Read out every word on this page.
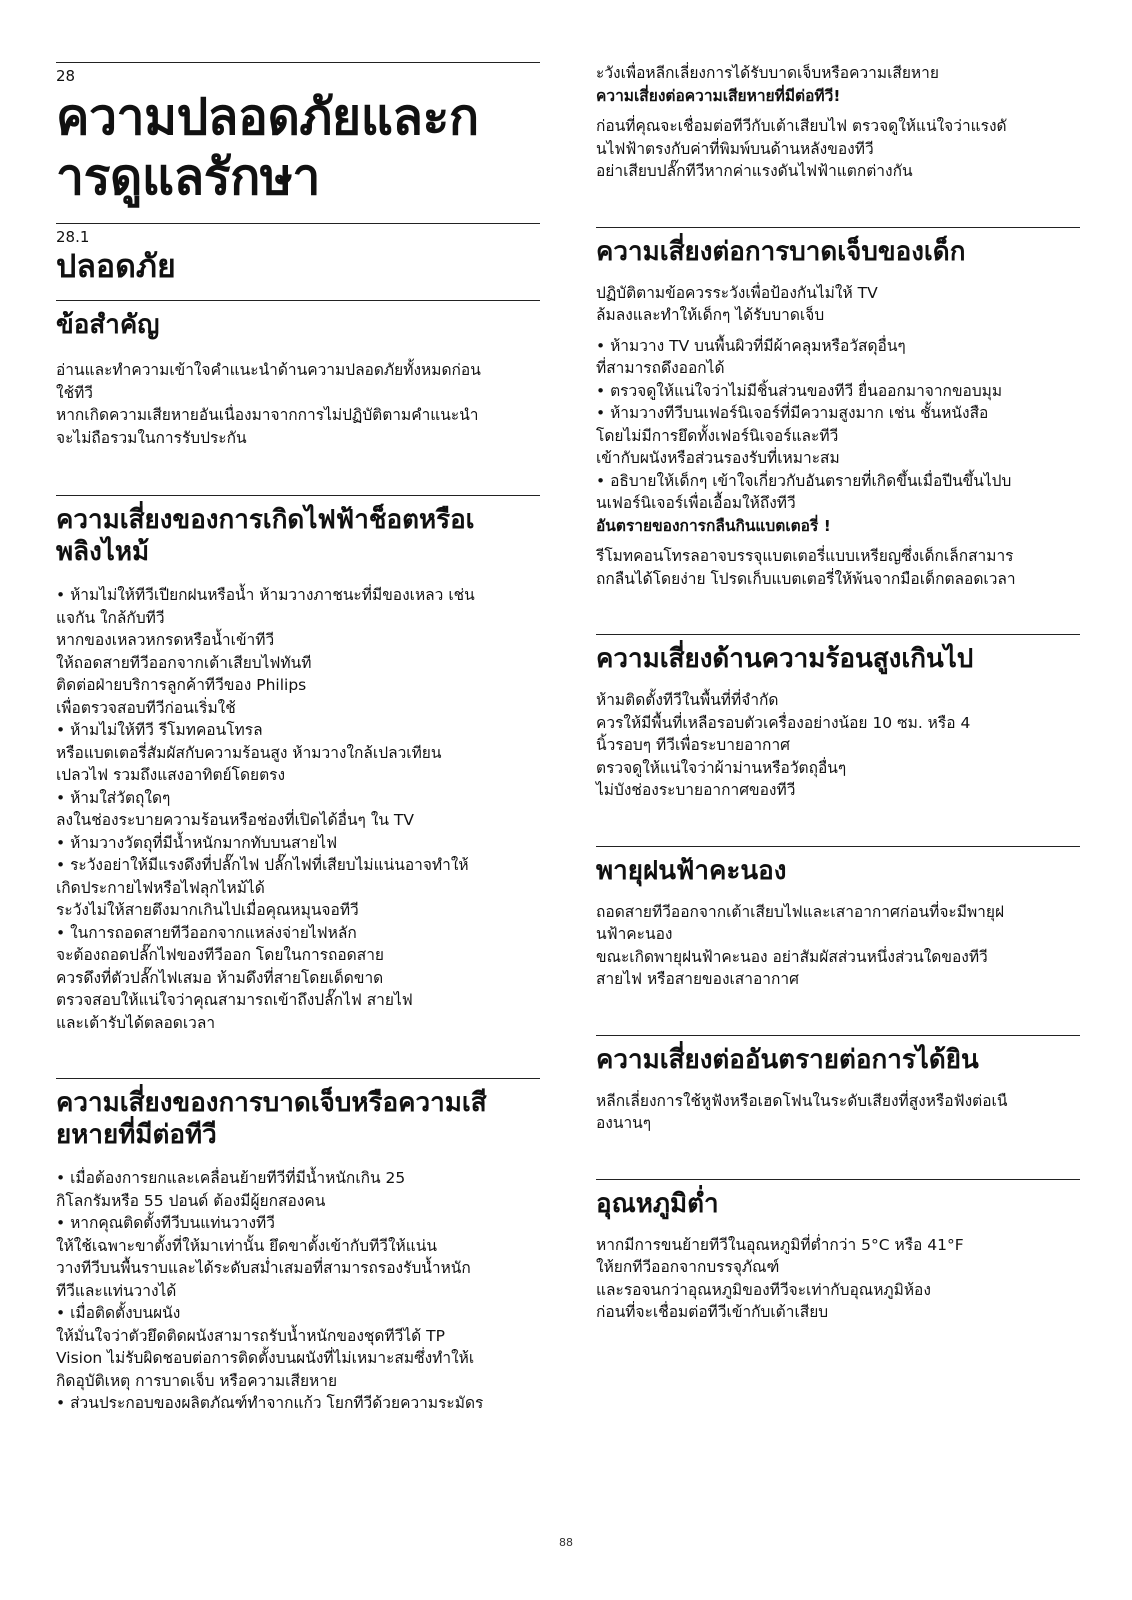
28
ความปลอดภัยและก
ารดูแลรักษา
28.1
ปลอดภัย
ข้อสำคัญ
อ่านและทำความเข้าใจคำแนะนำด้านความปลอดภัยทั้งหมดก่อน
ใช้ทีวี
หากเกิดความเสียหายอันเนื่องมาจากการไม่ปฏิบัติตามคำแนะนำ
จะไม่ถือรวมในการรับประกัน
ความเสี่ยงของการเกิดไฟฟ้าช็อตหรือเ
พลิงไหม้
• ห้ามไม่ให้ทีวีเปียกฝนหรือน้ำ ห้ามวางภาชนะที่มีของเหลว เช่น
แจกัน ใกล้กับทีวี
หากของเหลวหกรดหรือน้ำเข้าทีวี
ให้ถอดสายทีวีออกจากเต้าเสียบไฟทันที
ติดต่อฝ่ายบริการลูกค้าทีวีของ Philips
เพื่อตรวจสอบทีวีก่อนเริ่มใช้
• ห้ามไม่ให้ทีวี รีโมทคอนโทรล
หรือแบตเตอรี่สัมผัสกับความร้อนสูง ห้ามวางใกล้เปลวเทียน
เปลวไฟ รวมถึงแสงอาทิตย์โดยตรง
• ห้ามใส่วัตถุใดๆ
ลงในช่องระบายความร้อนหรือช่องที่เปิดได้อื่นๆ ใน TV
• ห้ามวางวัตถุที่มีน้ำหนักมากทับบนสายไฟ
• ระวังอย่าให้มีแรงดึงที่ปลั๊กไฟ ปลั๊กไฟที่เสียบไม่แน่นอาจทำให้
เกิดประกายไฟหรือไฟลุกไหม้ได้
ระวังไม่ให้สายตึงมากเกินไปเมื่อคุณหมุนจอทีวี
• ในการถอดสายทีวีออกจากแหล่งจ่ายไฟหลัก
จะต้องถอดปลั๊กไฟของทีวีออก โดยในการถอดสาย
ควรดึงที่ตัวปลั๊กไฟเสมอ ห้ามดึงที่สายโดยเด็ดขาด
ตรวจสอบให้แน่ใจว่าคุณสามารถเข้าถึงปลั๊กไฟ สายไฟ
และเต้ารับได้ตลอดเวลา
ความเสี่ยงของการบาดเจ็บหรือความเสี
ยหายที่มีต่อทีวี
• เมื่อต้องการยกและเคลื่อนย้ายทีวีที่มีน้ำหนักเกิน 25
กิโลกรัมหรือ 55 ปอนด์ ต้องมีผู้ยกสองคน
• หากคุณติดตั้งทีวีบนแท่นวางทีวี
ให้ใช้เฉพาะขาตั้งที่ให้มาเท่านั้น ยึดขาตั้งเข้ากับทีวีให้แน่น
วางทีวีบนพื้นราบและได้ระดับสม่ำเสมอที่สามารถรองรับน้ำหนัก
ทีวีและแท่นวางได้
• เมื่อติดตั้งบนผนัง
ให้มั่นใจว่าตัวยึดติดผนังสามารถรับน้ำหนักของชุดทีวีได้ TP
Vision ไม่รับผิดชอบต่อการติดตั้งบนผนังที่ไม่เหมาะสมซึ่งทำให้เ
กิดอุบัติเหตุ การบาดเจ็บ หรือความเสียหาย
• ส่วนประกอบของผลิตภัณฑ์ทำจากแก้ว โยกทีวีด้วยความระมัดร
ะวังเพื่อหลีกเลี่ยงการได้รับบาดเจ็บหรือความเสียหาย
ความเสี่ยงต่อความเสียหายที่มีต่อทีวี!
ก่อนที่คุณจะเชื่อมต่อทีวีกับเต้าเสียบไฟ ตรวจดูให้แน่ใจว่าแรงดั
นไฟฟ้าตรงกับค่าที่พิมพ์บนด้านหลังของทีวี
อย่าเสียบปลั๊กทีวีหากค่าแรงดันไฟฟ้าแตกต่างกัน
ความเสี่ยงต่อการบาดเจ็บของเด็ก
ปฏิบัติตามข้อควรระวังเพื่อป้องกันไม่ให้ TV
ล้มลงและทำให้เด็กๆ ได้รับบาดเจ็บ
• ห้ามวาง TV บนพื้นผิวที่มีผ้าคลุมหรือวัสดุอื่นๆ
ที่สามารถดึงออกได้
• ตรวจดูให้แน่ใจว่าไม่มีชิ้นส่วนของทีวี ยื่นออกมาจากขอบมุม
• ห้ามวางทีวีบนเฟอร์นิเจอร์ที่มีความสูงมาก เช่น ชั้นหนังสือ
โดยไม่มีการยึดทั้งเฟอร์นิเจอร์และทีวี
เข้ากับผนังหรือส่วนรองรับที่เหมาะสม
• อธิบายให้เด็กๆ เข้าใจเกี่ยวกับอันตรายที่เกิดขึ้นเมื่อปีนขึ้นไปบ
นเฟอร์นิเจอร์เพื่อเอื้อมให้ถึงทีวี
อันตรายของการกลืนกินแบตเตอรี่ !
รีโมทคอนโทรลอาจบรรจุแบตเตอรี่แบบเหรียญซึ่งเด็กเล็กสามาร
ถกลืนได้โดยง่าย โปรดเก็บแบตเตอรี่ให้พ้นจากมือเด็กตลอดเวลา
ความเสี่ยงด้านความร้อนสูงเกินไป
ห้ามติดตั้งทีวีในพื้นที่ที่จำกัด
ควรให้มีพื้นที่เหลือรอบตัวเครื่องอย่างน้อย 10 ซม. หรือ 4
นิ้วรอบๆ ทีวีเพื่อระบายอากาศ
ตรวจดูให้แน่ใจว่าผ้าม่านหรือวัตถุอื่นๆ
ไม่บังช่องระบายอากาศของทีวี
พายุฝนฟ้าคะนอง
ถอดสายทีวีออกจากเต้าเสียบไฟและเสาอากาศก่อนที่จะมีพายุฝ
นฟ้าคะนอง
ขณะเกิดพายุฝนฟ้าคะนอง อย่าสัมผัสส่วนหนึ่งส่วนใดของทีวี
สายไฟ หรือสายของเสาอากาศ
ความเสี่ยงต่ออันตรายต่อการได้ยิน
หลีกเลี่ยงการใช้หูฟังหรือเฮดโฟนในระดับเสียงที่สูงหรือฟังต่อเนื
องนานๆ
อุณหภูมิต่ำ
หากมีการขนย้ายทีวีในอุณหภูมิที่ต่ำกว่า 5°C หรือ 41°F
ให้ยกทีวีออกจากบรรจุภัณฑ์
และรอจนกว่าอุณหภูมิของทีวีจะเท่ากับอุณหภูมิห้อง
ก่อนที่จะเชื่อมต่อทีวีเข้ากับเต้าเสียบ
88
